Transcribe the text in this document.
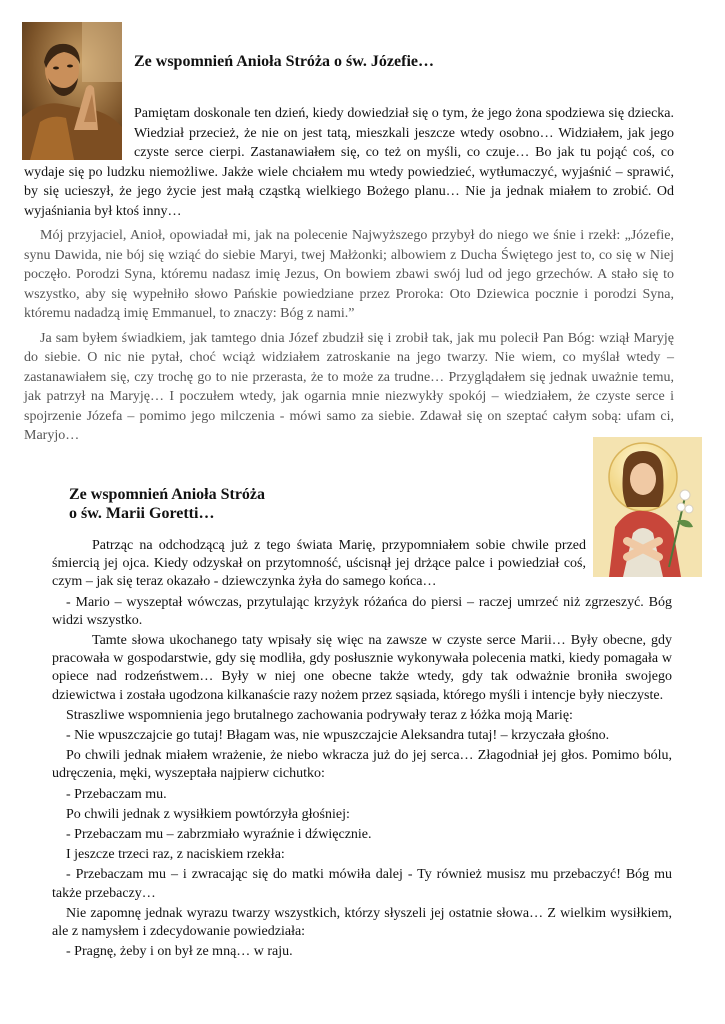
Ze wspomnień Anioła Stróża o św. Józefie…

Pamiętam doskonale ten dzień, kiedy dowiedział się o tym, że jego żona spodziewa się dziecka. Wiedział przecież, że nie on jest tatą, mieszkali jeszcze wtedy osobno… Widziałem, jak jego czyste serce cierpi. Zastanawiałem się, co też on myśli, co czuje… Bo jak tu pojąć coś, co wydaje się po ludzku niemożliwe. Jakże wiele chciałem mu wtedy powiedzieć, wytłumaczyć, wyjaśnić – sprawić, by się ucieszył, że jego życie jest małą cząstką wielkiego Bożego planu… Nie ja jednak miałem to zrobić. Od wyjaśniania był ktoś inny…

Mój przyjaciel, Anioł, opowiadał mi, jak na polecenie Najwyższego przybył do niego we śnie i rzekł: „Józefie, synu Dawida, nie bój się wziąć do siebie Maryi, twej Małżonki; albowiem z Ducha Świętego jest to, co się w Niej poczęło. Porodzi Syna, któremu nadasz imię Jezus, On bowiem zbawi swój lud od jego grzechów. A stało się to wszystko, aby się wypełniło słowo Pańskie powiedziane przez Proroka: Oto Dziewica pocznie i porodzi Syna, któremu nadadzą imię Emmanuel, to znaczy: Bóg z nami.”

Ja sam byłem świadkiem, jak tamtego dnia Józef zbudził się i zrobił tak, jak mu polecił Pan Bóg: wziął Maryję do siebie. O nic nie pytał, choć wciąż widziałem zatroskanie na jego twarzy. Nie wiem, co myślał wtedy – zastanawiałem się, czy trochę go to nie przerasta, że to może za trudne… Przyglądałem się jednak uważnie temu, jak patrzył na Maryję… I poczułem wtedy, jak ogarnia mnie niezwykły spokój – wiedziałem, że czyste serce i spojrzenie Józefa – pomimo jego milczenia - mówi samo za siebie. Zdawał się on szeptać całym sobą: ufam ci, Maryjo…

Ze wspomnień Anioła Stróża
o św. Marii Goretti…

Patrząc na odchodzącą już z tego świata Marię, przypomniałem sobie chwile przed śmiercią jej ojca. Kiedy odzyskał on przytomność, uścisnął jej drżące palce i powiedział coś, czym – jak się teraz okazało - dziewczynka żyła do samego końca…

- Mario – wyszeptał wówczas, przytulając krzyżyk różańca do piersi – raczej umrzeć niż zgrzeszyć. Bóg widzi wszystko.

Tamte słowa ukochanego taty wpisały się więc na zawsze w czyste serce Marii… Były obecne, gdy pracowała w gospodarstwie, gdy się modliła, gdy posłusznie wykonywała polecenia matki, kiedy pomagała w opiece nad rodzeństwem… Były w niej one obecne także wtedy, gdy tak odważnie broniła swojego dziewictwa i została ugodzona kilkanaście razy nożem przez sąsiada, którego myśli i intencje były nieczyste.

Straszliwe wspomnienia jego brutalnego zachowania podrywały teraz z łóżka moją Marię:

- Nie wpuszczajcie go tutaj! Błagam was, nie wpuszczajcie Aleksandra tutaj! – krzyczała głośno.

Po chwili jednak miałem wrażenie, że niebo wkracza już do jej serca… Złagodniał jej głos. Pomimo bólu, udręczenia, męki, wyszeptała najpierw cichutko:

- Przebaczam mu.

Po chwili jednak z wysiłkiem powtórzyła głośniej:

- Przebaczam mu – zabrzmiało wyraźnie i dźwięcznie.

I jeszcze trzeci raz, z naciskiem rzekła:

- Przebaczam mu – i zwracając się do matki mówiła dalej - Ty również musisz mu przebaczyć! Bóg mu także przebaczy…

Nie zapomnę jednak wyrazu twarzy wszystkich, którzy słyszeli jej ostatnie słowa… Z wielkim wysiłkiem, ale z namysłem i zdecydowanie powiedziała:

- Pragnę, żeby i on był ze mną… w raju.
